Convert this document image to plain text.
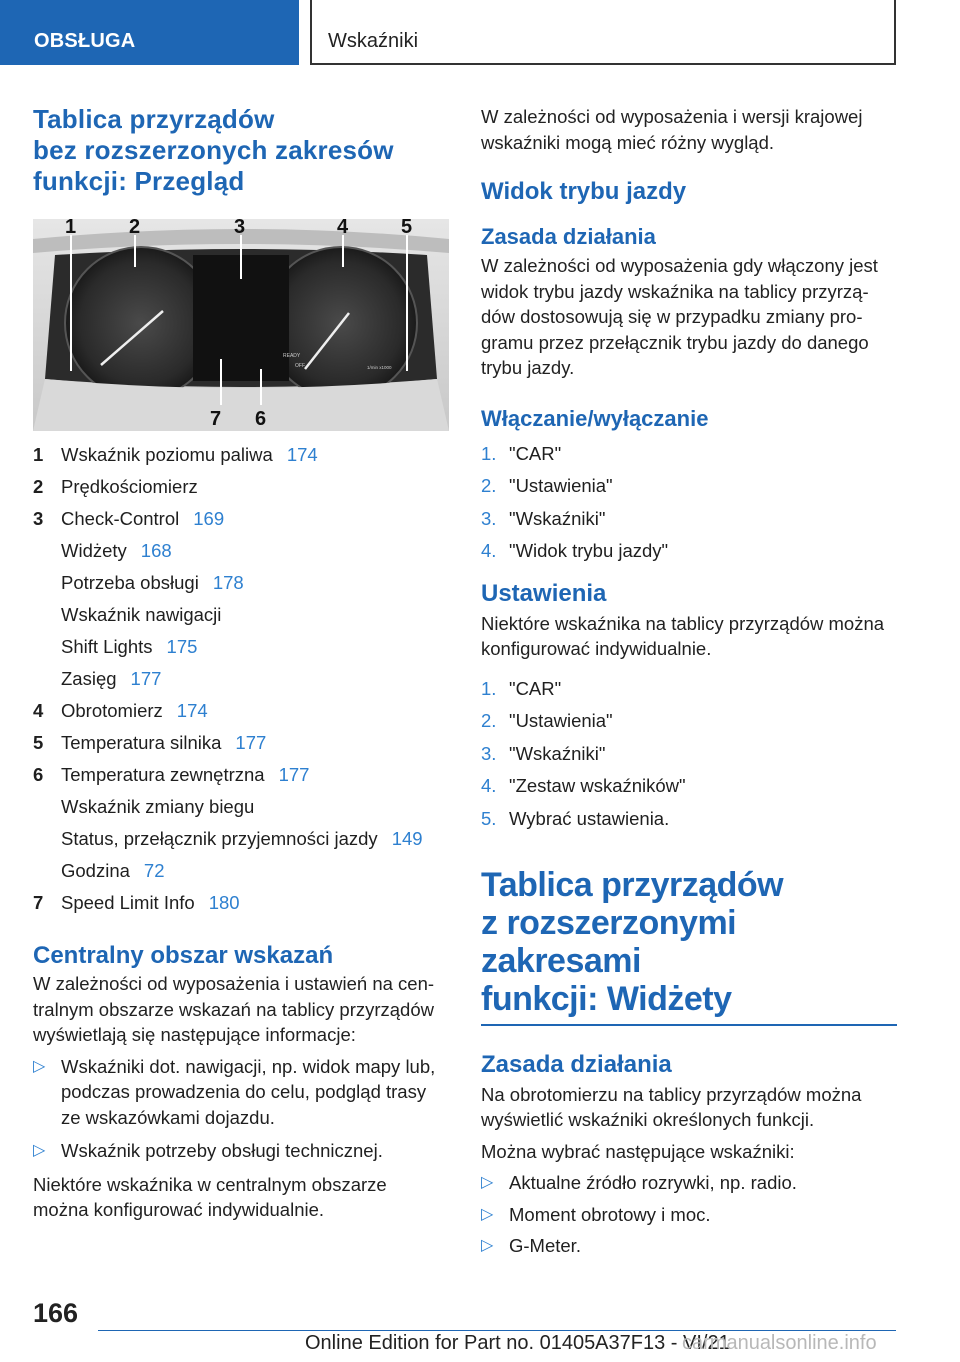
OBSŁUGA	Wskaźniki
Tablica przyrządów
bez rozszerzonych zakresów
funkcji: Przegląd
READY
OFF	1/min x1000
1	2	3	4	5
7 6
1 Wskaźnik poziomu paliwa 174
2 Prędkościomierz
3 Check-Control 169
Widżety 168
Potrzeba obsługi 178
Wskaźnik nawigacji
Shift Lights 175
Zasięg 177
4 Obrotomierz 174
5 Temperatura silnika 177
6 Temperatura zewnętrzna 177
Wskaźnik zmiany biegu
Status, przełącznik przyjemności jazdy 149
Godzina 72
7 Speed Limit Info 180
Centralny obszar wskazań

W zależności od wyposażenia i ustawień na cen‐
tralnym obszarze wskazań na tablicy przyrządów
wyświetlają się następujące informacje:

▷ Wskaźniki dot. nawigacji, np. widok mapy lub,
podczas prowadzenia do celu, podgląd trasy
ze wskazówkami dojazdu.
▷ Wskaźnik potrzeby obsługi technicznej.

Niektóre wskaźnika w centralnym obszarze
można konfigurować indywidualnie.

W zależności od wyposażenia i wersji krajowej
wskaźniki mogą mieć różny wygląd.

Widok trybu jazdy
Zasada działania

W zależności od wyposażenia gdy włączony jest
widok trybu jazdy wskaźnika na tablicy przyrzą‐
dów dostosowują się w przypadku zmiany pro‐
gramu przez przełącznik trybu jazdy do danego
trybu jazdy.

Włączanie/wyłączanie
1. "CAR"
2. "Ustawienia"
3. "Wskaźniki"
4. "Widok trybu jazdy"
Ustawienia

Niektóre wskaźnika na tablicy przyrządów można
konfigurować indywidualnie.

1. "CAR"
2. "Ustawienia"
3. "Wskaźniki"
4. "Zestaw wskaźników"
5. Wybrać ustawienia.
Tablica przyrządów
z rozszerzonymi zakresami
funkcji: Widżety
Zasada działania

Na obrotomierzu na tablicy przyrządów można
wyświetlić wskaźniki określonych funkcji.

Można wybrać następujące wskaźniki:

▷ Aktualne źródło rozrywki, np. radio.
▷ Moment obrotowy i moc.
▷ G-Meter.
166
Online Edition for Part no. 01405A37F13 - VI/21
carmanualsonline.info
